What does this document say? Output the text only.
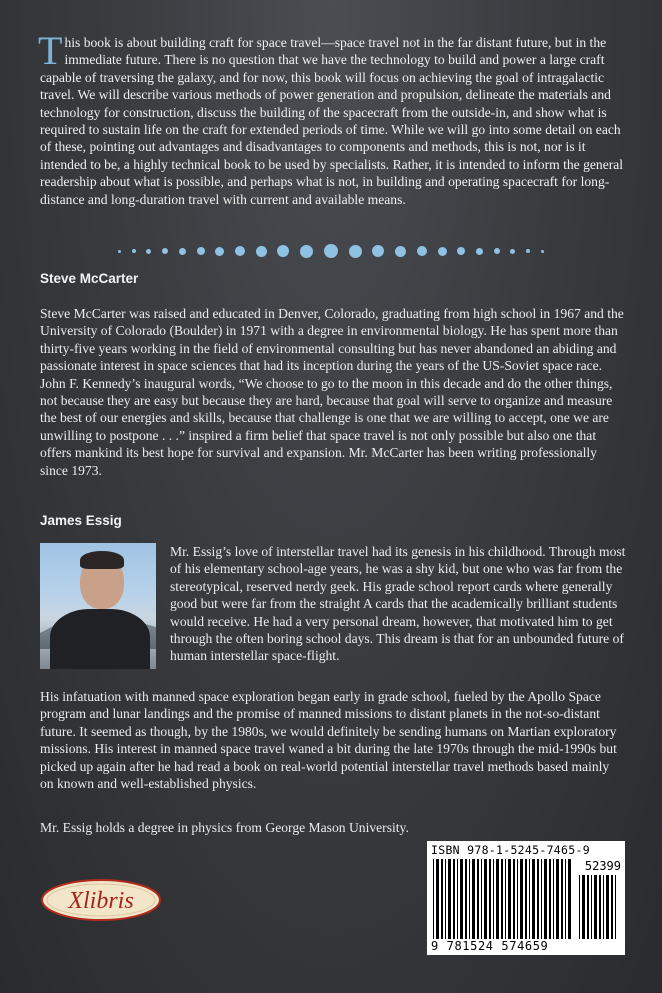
This book is about building craft for space travel—space travel not in the far distant future, but in the immediate future. There is no question that we have the technology to build and power a large craft capable of traversing the galaxy, and for now, this book will focus on achieving the goal of intragalactic travel. We will describe various methods of power generation and propulsion, delineate the materials and technology for construction, discuss the building of the spacecraft from the outside-in, and show what is required to sustain life on the craft for extended periods of time. While we will go into some detail on each of these, pointing out advantages and disadvantages to components and methods, this is not, nor is it intended to be, a highly technical book to be used by specialists. Rather, it is intended to inform the general readership about what is possible, and perhaps what is not, in building and operating spacecraft for long-distance and long-duration travel with current and available means.

Steve McCarter

Steve McCarter was raised and educated in Denver, Colorado, graduating from high school in 1967 and the University of Colorado (Boulder) in 1971 with a degree in environmental biology. He has spent more than thirty-five years working in the field of environmental consulting but has never abandoned an abiding and passionate interest in space sciences that had its inception during the years of the US-Soviet space race. John F. Kennedy’s inaugural words, “We choose to go to the moon in this decade and do the other things, not because they are easy but because they are hard, because that goal will serve to organize and measure the best of our energies and skills, because that challenge is one that we are willing to accept, one we are unwilling to postpone . . .” inspired a firm belief that space travel is not only possible but also one that offers mankind its best hope for survival and expansion. Mr. McCarter has been writing professionally since 1973.

James Essig

Mr. Essig’s love of interstellar travel had its genesis in his childhood. Through most of his elementary school-age years, he was a shy kid, but one who was far from the stereotypical, reserved nerdy geek. His grade school report cards where generally good but were far from the straight A cards that the academically brilliant students would receive. He had a very personal dream, however, that motivated him to get through the often boring school days. This dream is that for an unbounded future of human interstellar space-flight.

His infatuation with manned space exploration began early in grade school, fueled by the Apollo Space program and lunar landings and the promise of manned missions to distant planets in the not-so-distant future. It seemed as though, by the 1980s, we would definitely be sending humans on Martian exploratory missions. His interest in manned space travel waned a bit during the late 1970s through the mid-1990s but picked up again after he had read a book on real-world potential interstellar travel methods based mainly on known and well-established physics.

Mr. Essig holds a degree in physics from George Mason University.

Xlibris
ISBN 978-1-5245-7465-9
52399
9 781524 574659
